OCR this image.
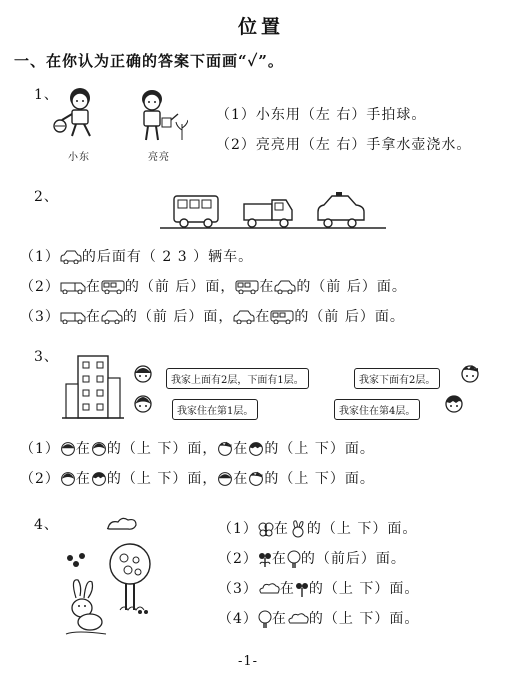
位置
一、在你认为正确的答案下面画“✓”。
1、
小东	亮亮
（1）小东用（左 右）手拍球。
（2）亮亮用（左 右）手拿水壶浇水。
2、
（1） 的后面有（ 2 3 ）辆车。
（2） 在 的（前 后）面， 在 的（前 后）面。
（3） 在 的（前 后）面， 在 的（前 后）面。
3、
我家上面有2层，下面有1层。	我家下面有2层。
我家住在第1层。	我家住在第4层。
（1） 在 的（上 下）面， 在 的（上 下）面。
（2） 在 的（上 下）面， 在 的（上 下）面。
4、	（1） 在 的（上 下）面。
（2） 在 的（前后）面。
（3） 在 的（上 下）面。
（4） 在 的（上 下）面。
-1-
